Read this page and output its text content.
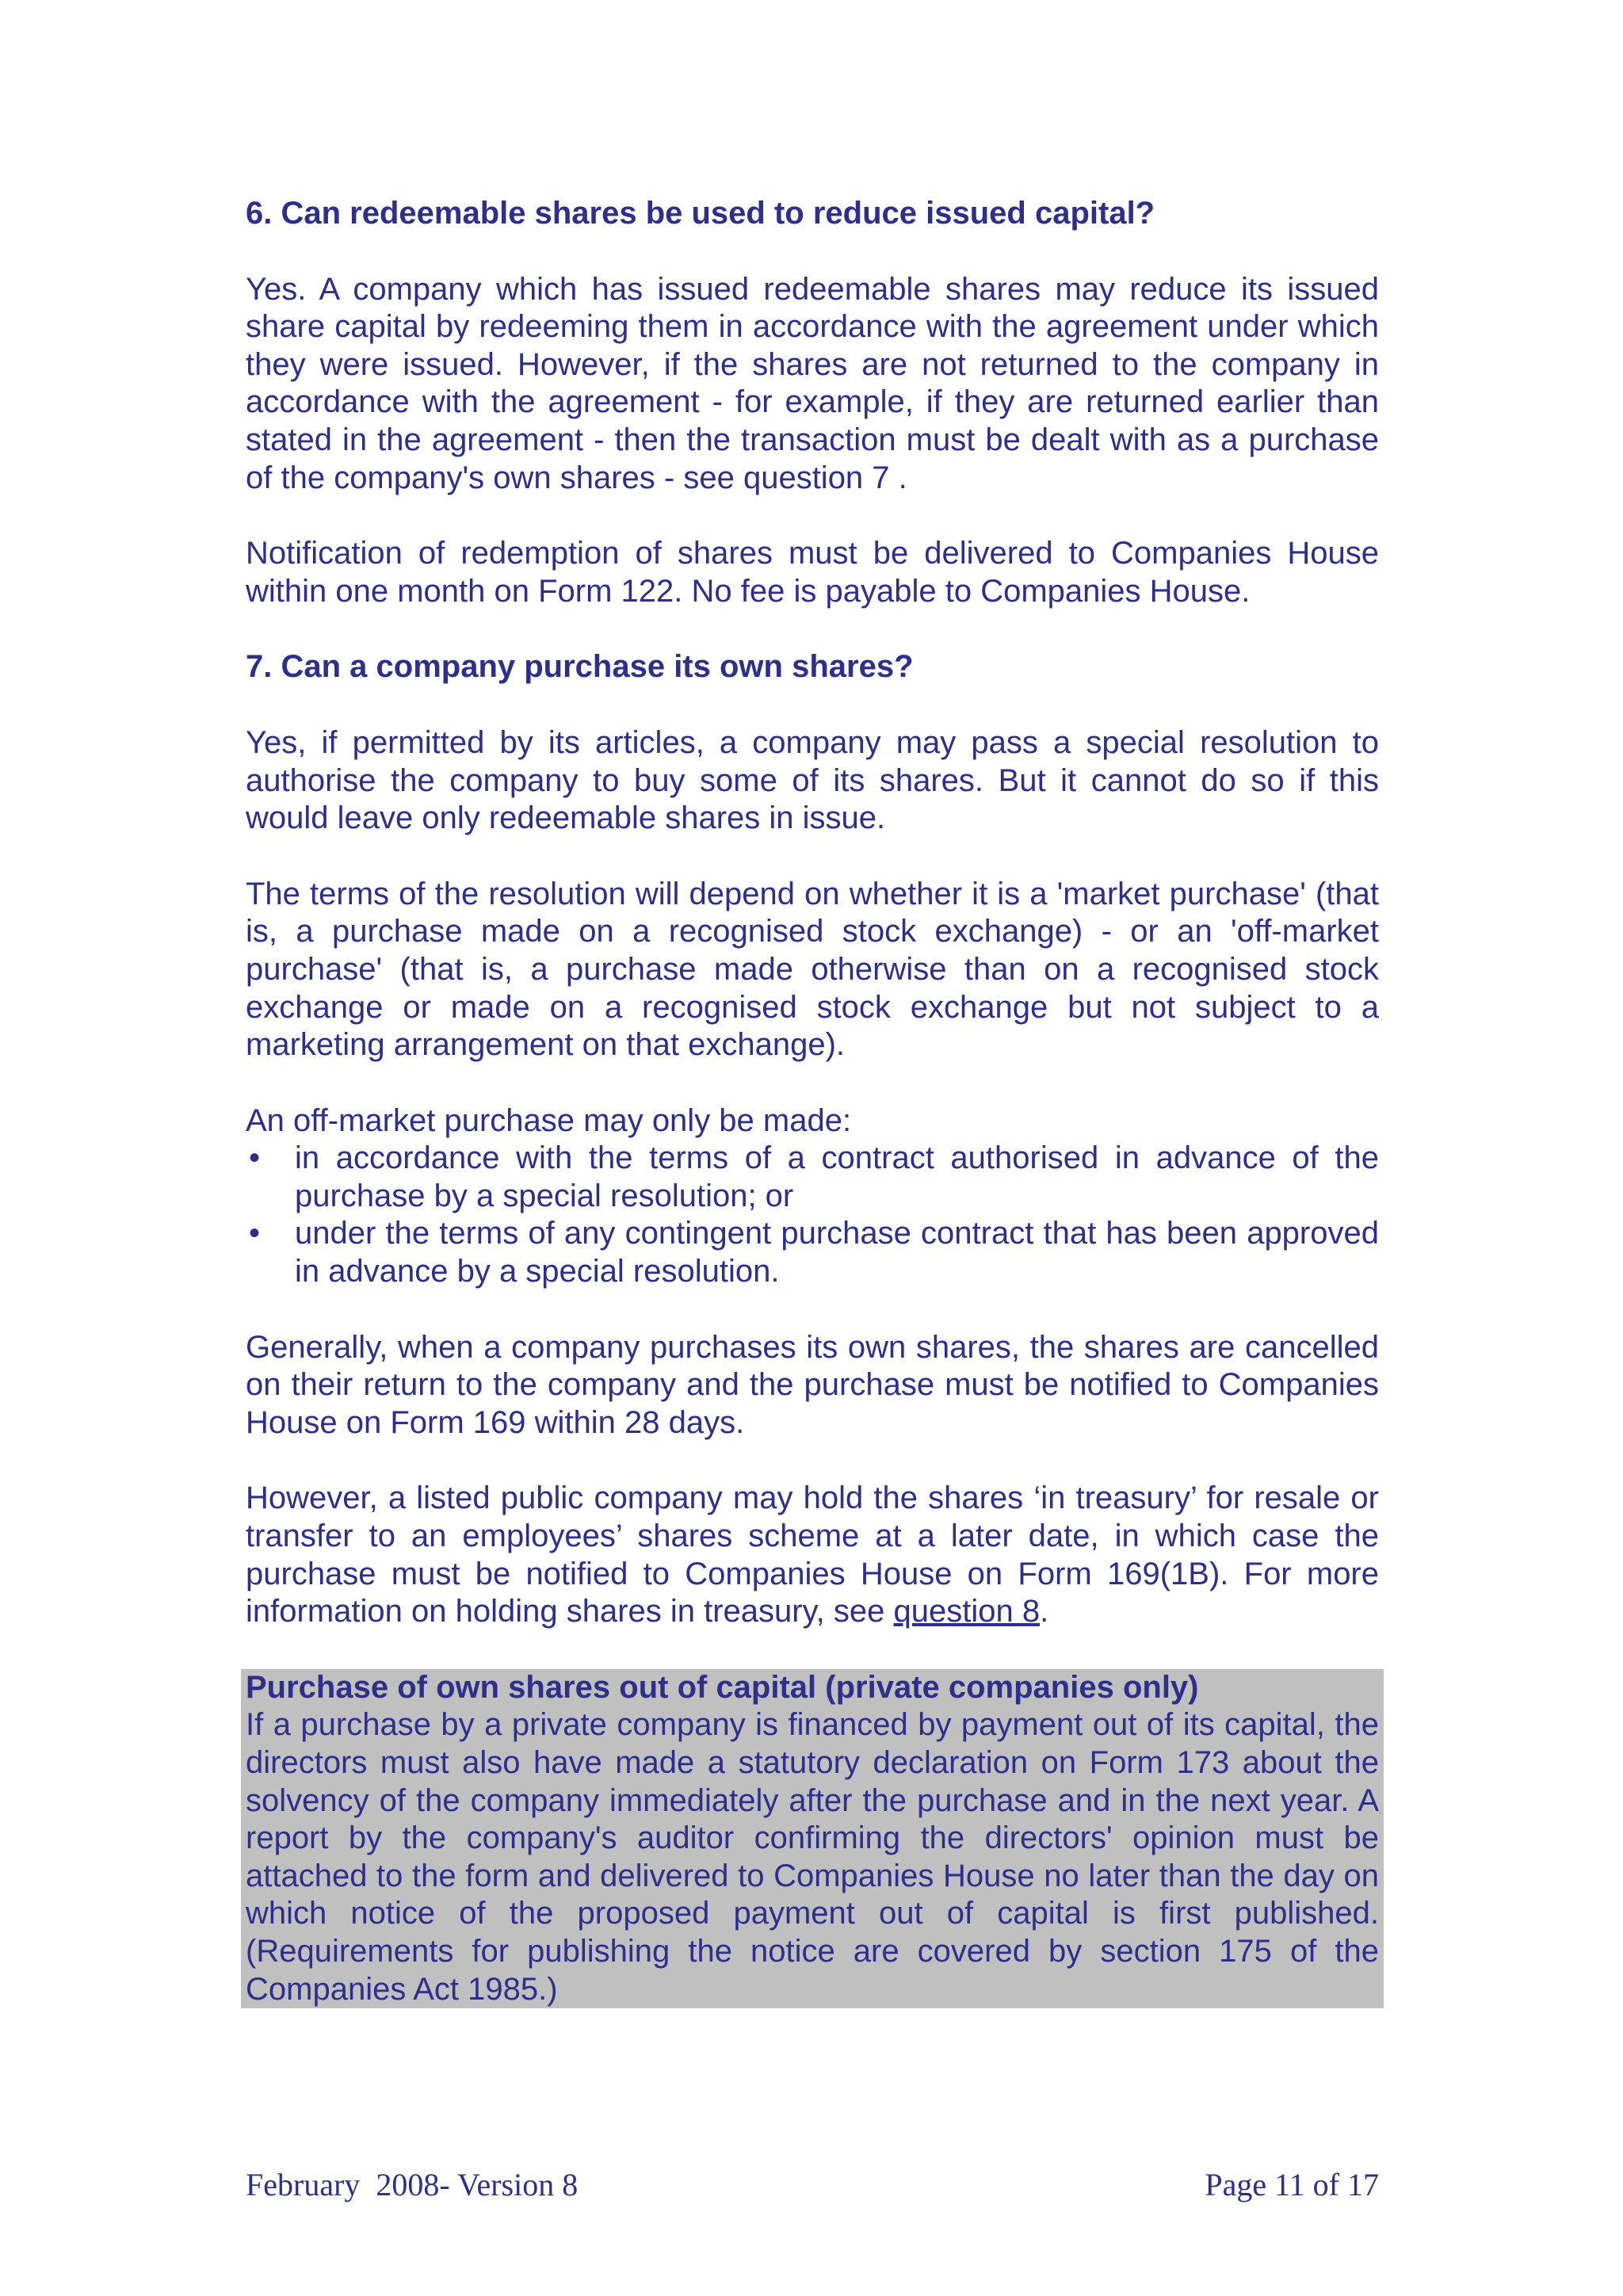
6. Can redeemable shares be used to reduce issued capital?

Yes. A company which has issued redeemable shares may reduce its issued share capital by redeeming them in accordance with the agreement under which they were issued. However, if the shares are not returned to the company in accordance with the agreement - for example, if they are returned earlier than stated in the agreement - then the transaction must be dealt with as a purchase of the company's own shares - see question 7 .

Notification of redemption of shares must be delivered to Companies House within one month on Form 122. No fee is payable to Companies House.

7. Can a company purchase its own shares?

Yes, if permitted by its articles, a company may pass a special resolution to authorise the company to buy some of its shares. But it cannot do so if this would leave only redeemable shares in issue.

The terms of the resolution will depend on whether it is a 'market purchase' (that is, a purchase made on a recognised stock exchange) - or an 'off-market purchase' (that is, a purchase made otherwise than on a recognised stock exchange or made on a recognised stock exchange but not subject to a marketing arrangement on that exchange).

An off-market purchase may only be made:

• in accordance with the terms of a contract authorised in advance of the purchase by a special resolution; or
• under the terms of any contingent purchase contract that has been approved in advance by a special resolution.

Generally, when a company purchases its own shares, the shares are cancelled on their return to the company and the purchase must be notified to Companies House on Form 169 within 28 days.

However, a listed public company may hold the shares ‘in treasury’ for resale or transfer to an employees’ shares scheme at a later date, in which case the purchase must be notified to Companies House on Form 169(1B). For more information on holding shares in treasury, see question 8.

Purchase of own shares out of capital (private companies only)

If a purchase by a private company is financed by payment out of its capital, the directors must also have made a statutory declaration on Form 173 about the solvency of the company immediately after the purchase and in the next year. A report by the company's auditor confirming the directors' opinion must be attached to the form and delivered to Companies House no later than the day on which notice of the proposed payment out of capital is first published. (Requirements for publishing the notice are covered by section 175 of the Companies Act 1985.)

February  2008- Version 8	Page 11 of 17
